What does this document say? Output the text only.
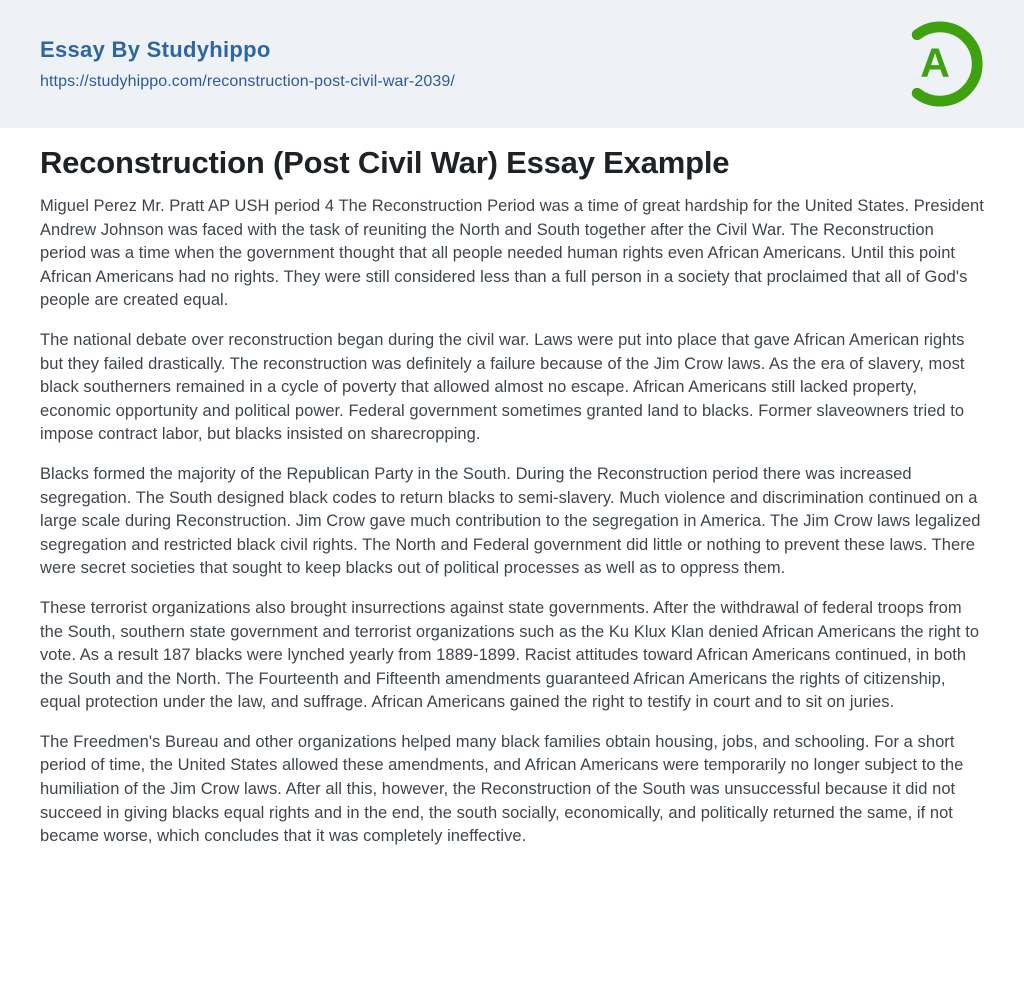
Essay By Studyhippo
https://studyhippo.com/reconstruction-post-civil-war-2039/	A
Reconstruction (Post Civil War) Essay Example

Miguel Perez Mr. Pratt AP USH period 4 The Reconstruction Period was a time of great hardship for the United States. President Andrew Johnson was faced with the task of reuniting the North and South together after the Civil War. The Reconstruction period was a time when the government thought that all people needed human rights even African Americans. Until this point African Americans had no rights. They were still considered less than a full person in a society that proclaimed that all of God's people are created equal.

The national debate over reconstruction began during the civil war. Laws were put into place that gave African American rights but they failed drastically. The reconstruction was definitely a failure because of the Jim Crow laws. As the era of slavery, most black southerners remained in a cycle of poverty that allowed almost no escape. African Americans still lacked property, economic opportunity and political power. Federal government sometimes granted land to blacks. Former slaveowners tried to impose contract labor, but blacks insisted on sharecropping.

Blacks formed the majority of the Republican Party in the South. During the Reconstruction period there was increased segregation. The South designed black codes to return blacks to semi-slavery. Much violence and discrimination continued on a large scale during Reconstruction. Jim Crow gave much contribution to the segregation in America. The Jim Crow laws legalized segregation and restricted black civil rights. The North and Federal government did little or nothing to prevent these laws. There were secret societies that sought to keep blacks out of political processes as well as to oppress them.

These terrorist organizations also brought insurrections against state governments. After the withdrawal of federal troops from the South, southern state government and terrorist organizations such as the Ku Klux Klan denied African Americans the right to vote. As a result 187 blacks were lynched yearly from 1889-1899. Racist attitudes toward African Americans continued, in both the South and the North. The Fourteenth and Fifteenth amendments guaranteed African Americans the rights of citizenship, equal protection under the law, and suffrage. African Americans gained the right to testify in court and to sit on juries.

The Freedmen's Bureau and other organizations helped many black families obtain housing, jobs, and schooling. For a short period of time, the United States allowed these amendments, and African Americans were temporarily no longer subject to the humiliation of the Jim Crow laws. After all this, however, the Reconstruction of the South was unsuccessful because it did not succeed in giving blacks equal rights and in the end, the south socially, economically, and politically returned the same, if not became worse, which concludes that it was completely ineffective.
